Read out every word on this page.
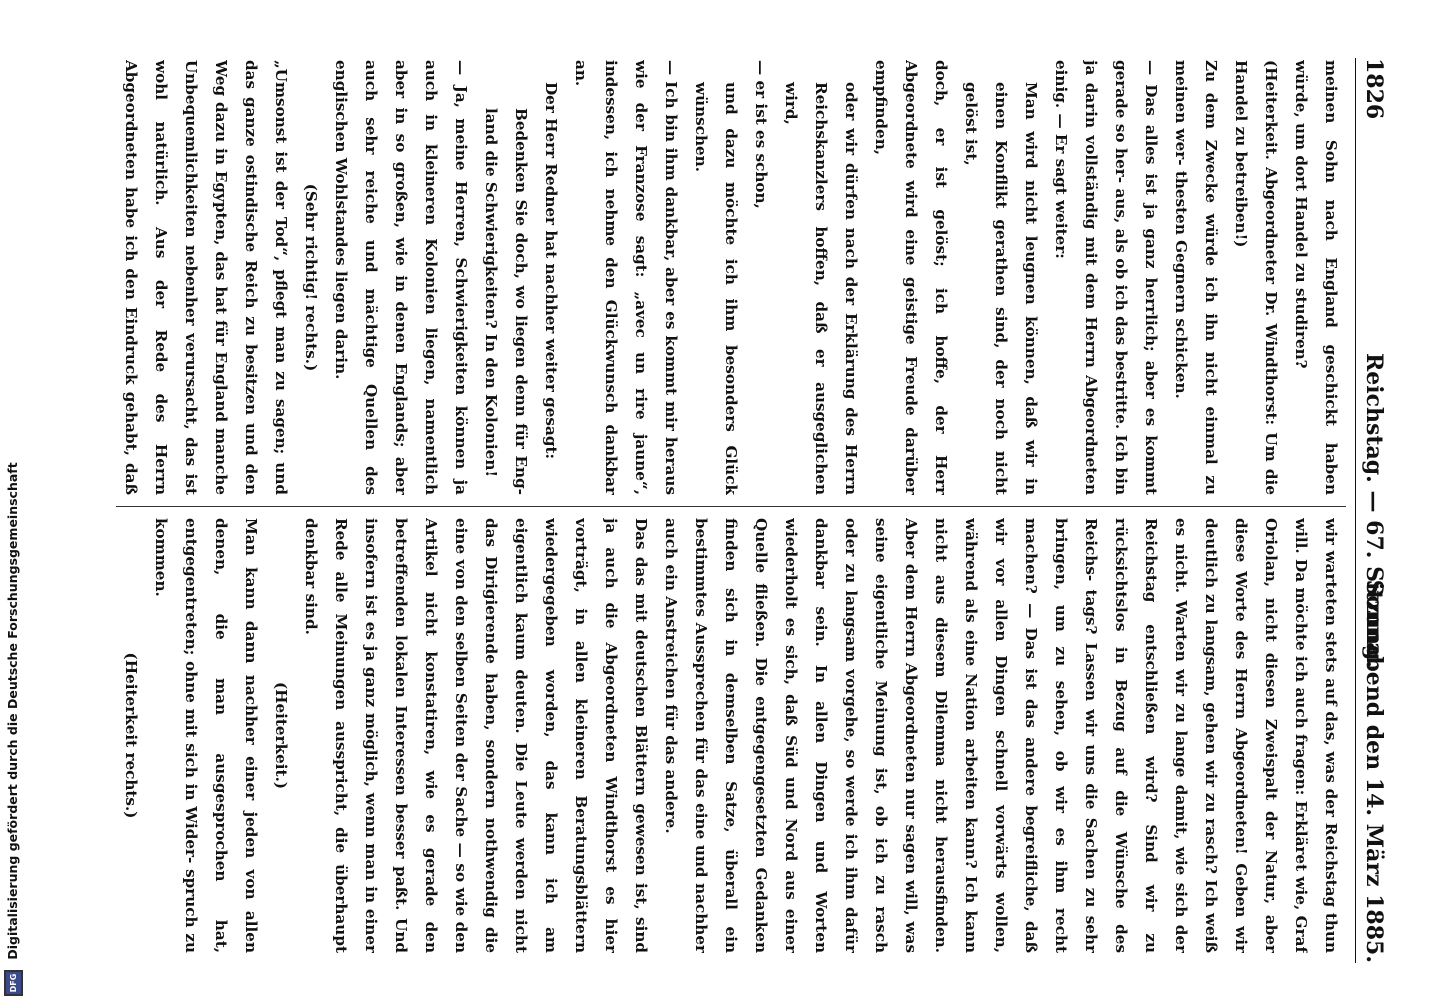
1826
Reichstag. — 67. Sitzung.
Sonnabend den 14. März 1885.

meinen Sohn nach England geschickt haben würde, um dort Handel zu studiren?

(Heiterkeit. Abgeordneter Dr. Windthorst: Um die Handel zu betreiben!)

Zu dem Zwecke würde ich ihn nicht einmal zu meinen wer- thesten Gegnern schicken.

— Das alles ist ja ganz herrlich; aber es kommt gerade so her- aus, als ob ich das bestritte. Ich bin ja darin vollständig mit dem Herrn Abgeordneten einig. — Er sagt weiter:

Man wird nicht leugnen können, daß wir in einen Konflikt gerathen sind, der noch nicht gelöst ist,

doch, er ist gelöst; ich hoffe, der Herr Abgeordnete wird eine geistige Freude darüber empfinden,

oder wir dürfen nach der Erklärung des Herrn Reichskanzlers hoffen, daß er ausgeglichen wird,

— er ist es schon,

und dazu möchte ich ihm besonders Glück wünschen.

— Ich bin ihm dankbar, aber es kommt mir heraus wie der Franzose sagt: „avec un rire jaune“, indessen, ich nehme den Glückwunsch dankbar an.

Der Herr Redner hat nachher weiter gesagt:

Bedenken Sie doch, wo liegen denn für Eng- land die Schwierigkeiten? In den Kolonien!

— Ja, meine Herren, Schwierigkeiten können ja auch in kleineren Kolonien liegen, namentlich aber in so großen, wie in denen Englands; aber auch sehr reiche und mächtige Quellen des englischen Wohlstandes liegen darin.

(Sehr richtig! rechts.)

„Umsonst ist der Tod“, pflegt man zu sagen; und das ganze ostindische Reich zu besitzen und den Weg dazu in Egypten, das hat für England manche Unbequemlichkeiten nebenher verursacht, das ist wohl natürlich. Aus der Rede des Herrn Abgeordneten habe ich den Eindruck gehabt, daß

wir warteten stets auf das, was der Reichstag thun will. Da möchte ich auch fragen: Erkläret wie, Graf Oriolan, nicht diesen Zweispalt der Natur, aber diese Worte des Herrn Abgeordneten! Geben wir deutlich zu langsam, gehen wir zu rasch? Ich weiß es nicht. Warten wir zu lange damit, wie sich der Reichstag entschließen wird? Sind wir zu rücksichtslos in Bezug auf die Wünsche des Reichs- tags? Lassen wir uns die Sachen zu sehr bringen, um zu sehen, ob wir es ihm recht machen? — Das ist das andere begreifliche, daß wir vor allen Dingen schnell vorwärts wollen, während als eine Nation arbeiten kann? Ich kann nicht aus diesem Dilemma nicht herausfinden. Aber dem Herrn Abgeordneten nur sagen will, was seine eigentliche Meinung ist, ob ich zu rasch oder zu langsam vorgehe, so werde ich ihm dafür dankbar sein. In allen Dingen und Worten wiederholt es sich, daß Süd und Nord aus einer Quelle fließen. Die entgegengesetzten Gedanken finden sich in demselben Satze, überall ein bestimmtes Aussprechen für das eine und nachher auch ein Anstreichen für das andere.

Das das mit deutschen Blättern gewesen ist, sind ja auch die Abgeordneten Windthorst es hier vorträgt, in allen kleineren Beratungsblättern wiedergegeben worden, das kann ich am eigentlich kaum deuten. Die Leute werden nicht das Dirigierende haben, sondern nothwendig die eine von den selben Seiten der Sache — so wie den Artikel nicht konstatiren, wie es gerade den betreffenden lokalen Interessen besser paßt. Und insofern ist es ja ganz möglich, wenn man in einer Rede alle Meinungen ausspricht, die überhaupt denkbar sind.

(Heiterkeit.)

Man kann dann nachher einer jeden von allen denen, die man ausgesprochen hat, entgegentreten; ohne mit sich in Wider- spruch zu kommen.

(Heiterkeit rechts.)

DFG Digitalisierung gefördert durch die Deutsche Forschungsgemeinschaft
